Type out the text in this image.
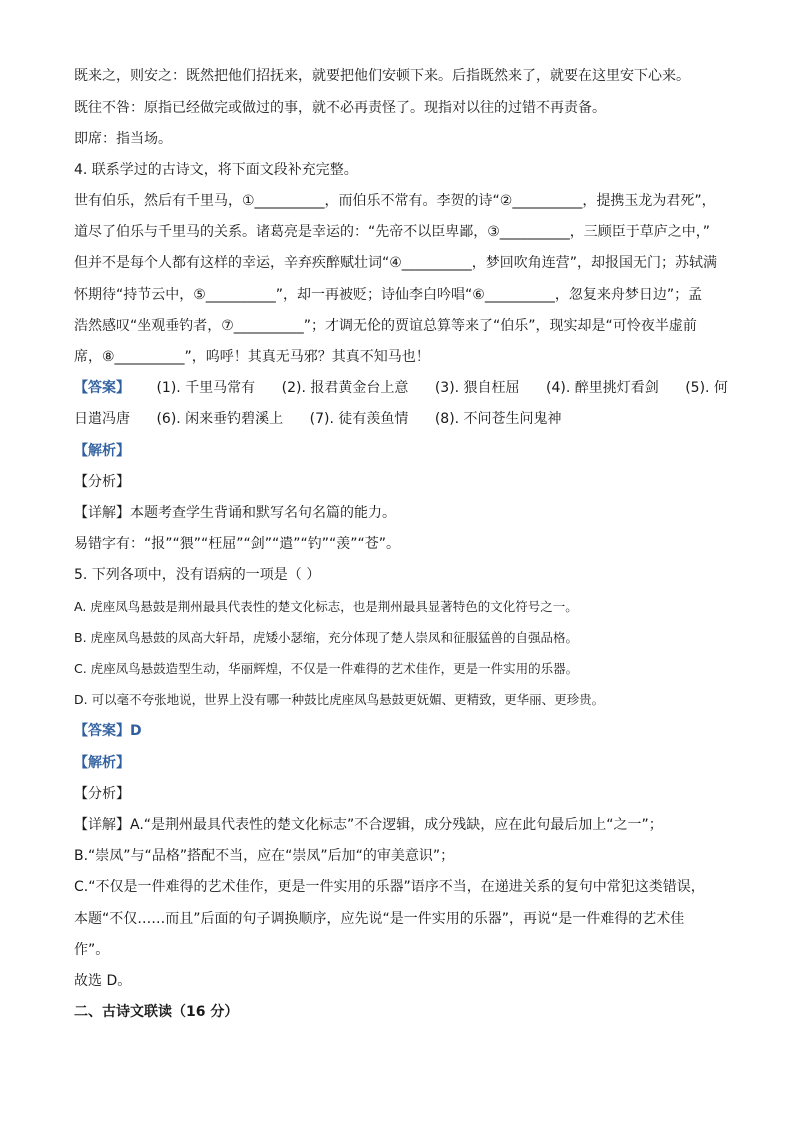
既来之，则安之：既然把他们招抚来，就要把他们安顿下来。后指既然来了，就要在这里安下心来。
既往不咎：原指已经做完或做过的事，就不必再责怪了。现指对以往的过错不再责备。
即席：指当场。
4. 联系学过的古诗文，将下面文段补充完整。
世有伯乐，然后有千里马，①__________，而伯乐不常有。李贺的诗“②__________，提携玉龙为君死”，
道尽了伯乐与千里马的关系。诸葛亮是幸运的：“先帝不以臣卑鄙，③__________，三顾臣于草庐之中，”
但并不是每个人都有这样的幸运，辛弃疾醉赋壮词“④__________，梦回吹角连营”，却报国无门；苏轼满
怀期待“持节云中，⑤__________”，却一再被贬；诗仙李白吟唱“⑥__________，忽复来舟梦日边”；孟
浩然感叹“坐观垂钓者，⑦__________”；才调无伦的贾谊总算等来了“伯乐”，现实却是“可怜夜半虚前
席，⑧__________”，呜呼！其真无马邪？其真不知马也！
【答案】 (1). 千里马常有 (2). 报君黄金台上意 (3). 猥自枉屈 (4). 醉里挑灯看剑 (5). 何
日遣冯唐 (6). 闲来垂钓碧溪上 (7). 徒有羡鱼情 (8). 不问苍生问鬼神
【解析】
【分析】
【详解】本题考查学生背诵和默写名句名篇的能力。
易错字有：“报”“猥”“枉屈”“剑”“遣”“钓”“羡”“苍”。
5. 下列各项中，没有语病的一项是（ ）
A. 虎座凤鸟悬鼓是荆州最具代表性的楚文化标志，也是荆州最具显著特色的文化符号之一。
B. 虎座凤鸟悬鼓的凤高大轩昂，虎矮小瑟缩，充分体现了楚人崇凤和征服猛兽的自强品格。
C. 虎座凤鸟悬鼓造型生动，华丽辉煌，不仅是一件难得的艺术佳作，更是一件实用的乐器。
D. 可以毫不夸张地说，世界上没有哪一种鼓比虎座凤鸟悬鼓更妩媚、更精致，更华丽、更珍贵。
【答案】D
【解析】
【分析】
【详解】A.“是荆州最具代表性的楚文化标志”不合逻辑，成分残缺，应在此句最后加上“之一”；
B.“崇凤”与“品格”搭配不当，应在“崇凤”后加“的审美意识”；
C.“不仅是一件难得的艺术佳作，更是一件实用的乐器”语序不当，在递进关系的复句中常犯这类错误，
本题“不仅……而且”后面的句子调换顺序，应先说“是一件实用的乐器”，再说“是一件难得的艺术佳
作”。
故选 D。
二、古诗文联读（16 分）
